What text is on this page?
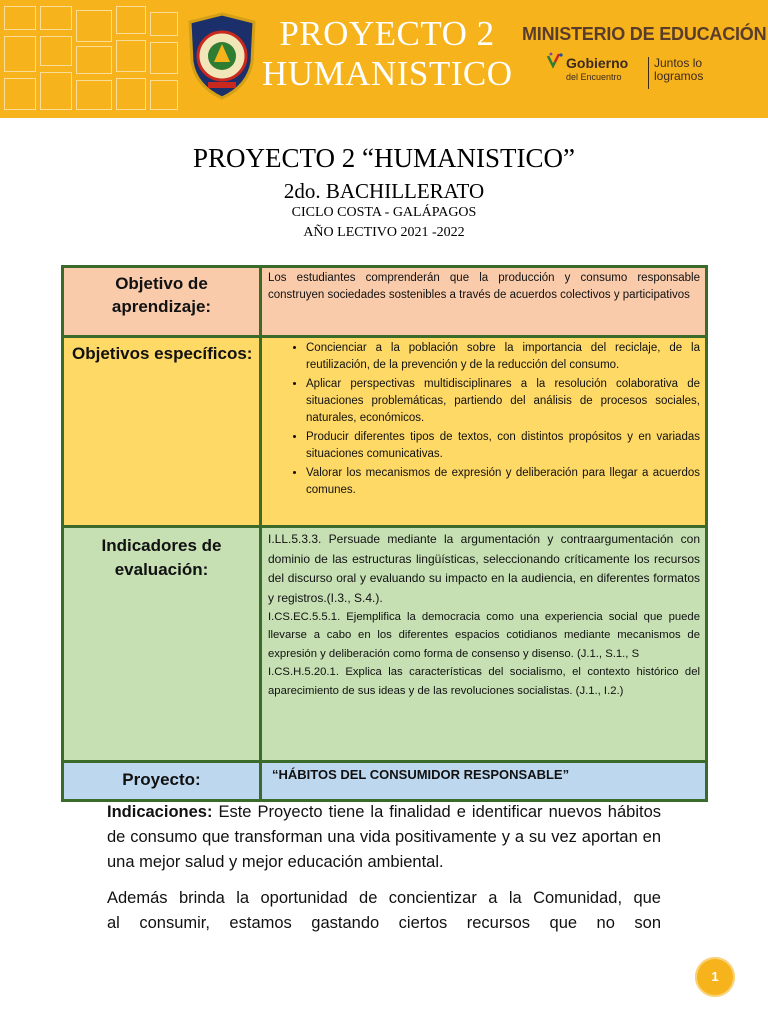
PROYECTO 2
HUMANISTICO
MINISTERIO DE EDUCACIÓN
Gobierno
del Encuentro
Juntos lo logramos
PROYECTO 2 “HUMANISTICO”
2do. BACHILLERATO
CICLO COSTA - GALÁPAGOS
AÑO LECTIVO 2021 -2022
Objetivo de aprendizaje:
Los estudiantes comprenderán que la producción y consumo responsable construyen sociedades sostenibles a través de acuerdos colectivos y participativos
Objetivos específicos:
•	Concienciar a la población sobre la importancia del reciclaje, de la reutilización, de la prevención y de la reducción del consumo.
• Aplicar perspectivas multidisciplinares a la resolución colaborativa de situaciones problemáticas, partiendo del análisis de procesos sociales, naturales, económicos.
• Producir diferentes tipos de textos, con distintos propósitos y en variadas situaciones comunicativas.
• Valorar los mecanismos de expresión y deliberación para llegar a acuerdos comunes.
Indicadores de evaluación:

I.LL.5.3.3. Persuade mediante la argumentación y contraargumentación con dominio de las estructuras lingüísticas, seleccionando críticamente los recursos del discurso oral y evaluando su impacto en la audiencia, en diferentes formatos y registros.(I.3., S.4.).

I.CS.EC.5.5.1. Ejemplifica la democracia como una experiencia social que puede llevarse a cabo en los diferentes espacios cotidianos mediante mecanismos de expresión y deliberación como forma de consenso y disenso. (J.1., S.1., S

I.CS.H.5.20.1. Explica las características del socialismo, el contexto histórico del aparecimiento de sus ideas y de las revoluciones socialistas. (J.1., I.2.)

Proyecto:	“HÁBITOS DEL CONSUMIDOR RESPONSABLE”
Indicaciones: Este Proyecto tiene la finalidad e identificar nuevos hábitos de consumo que transforman una vida positivamente y a su vez aportan en una mejor salud y mejor educación ambiental.
Además brinda la oportunidad de concientizar a la Comunidad, que
al consumir, estamos gastando ciertos recursos que no son
1
